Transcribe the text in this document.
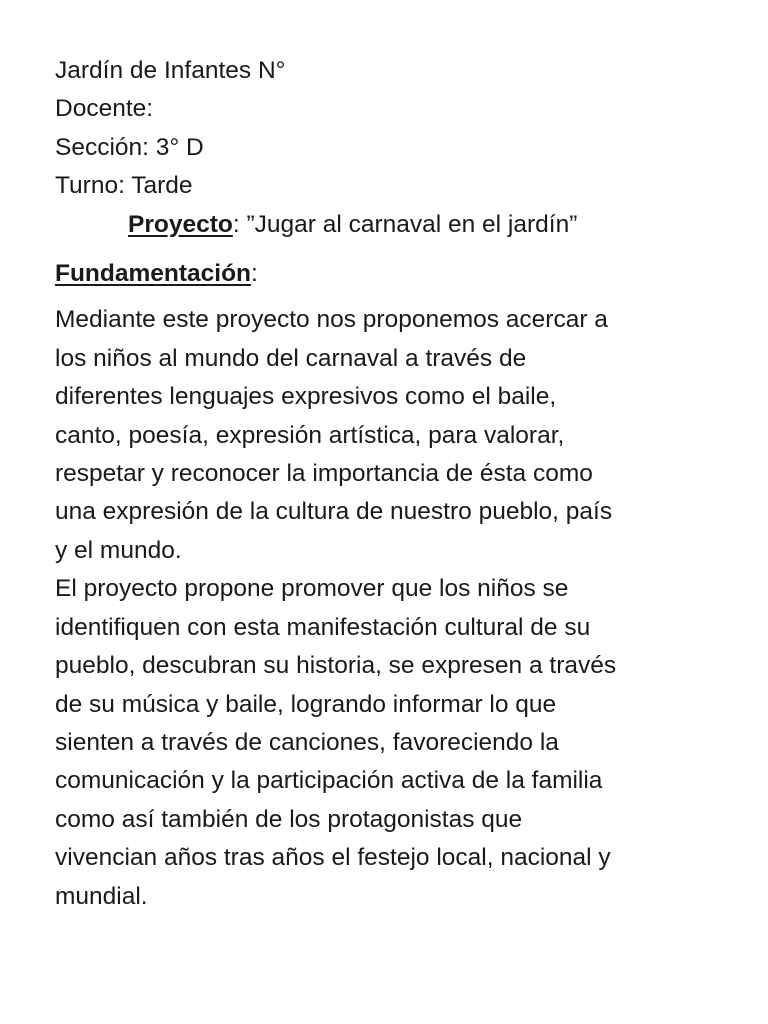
Jardín de Infantes N°
Docente:
Sección: 3° D
Turno: Tarde
Proyecto: ”Jugar al carnaval en el jardín”
Fundamentación:
Mediante este proyecto nos proponemos acercar a
los niños al mundo del carnaval a través de
diferentes lenguajes expresivos como el baile,
canto, poesía, expresión artística, para valorar,
respetar y reconocer la importancia de ésta como
una expresión de la cultura de nuestro pueblo, país
y el mundo.
El proyecto propone promover que los niños se
identifiquen con esta manifestación cultural de su
pueblo, descubran su historia, se expresen a través
de su música y baile, logrando informar lo que
sienten a través de canciones, favoreciendo la
comunicación y la participación activa de la familia
como así también de los protagonistas que
vivencian años tras años el festejo local, nacional y
mundial.
